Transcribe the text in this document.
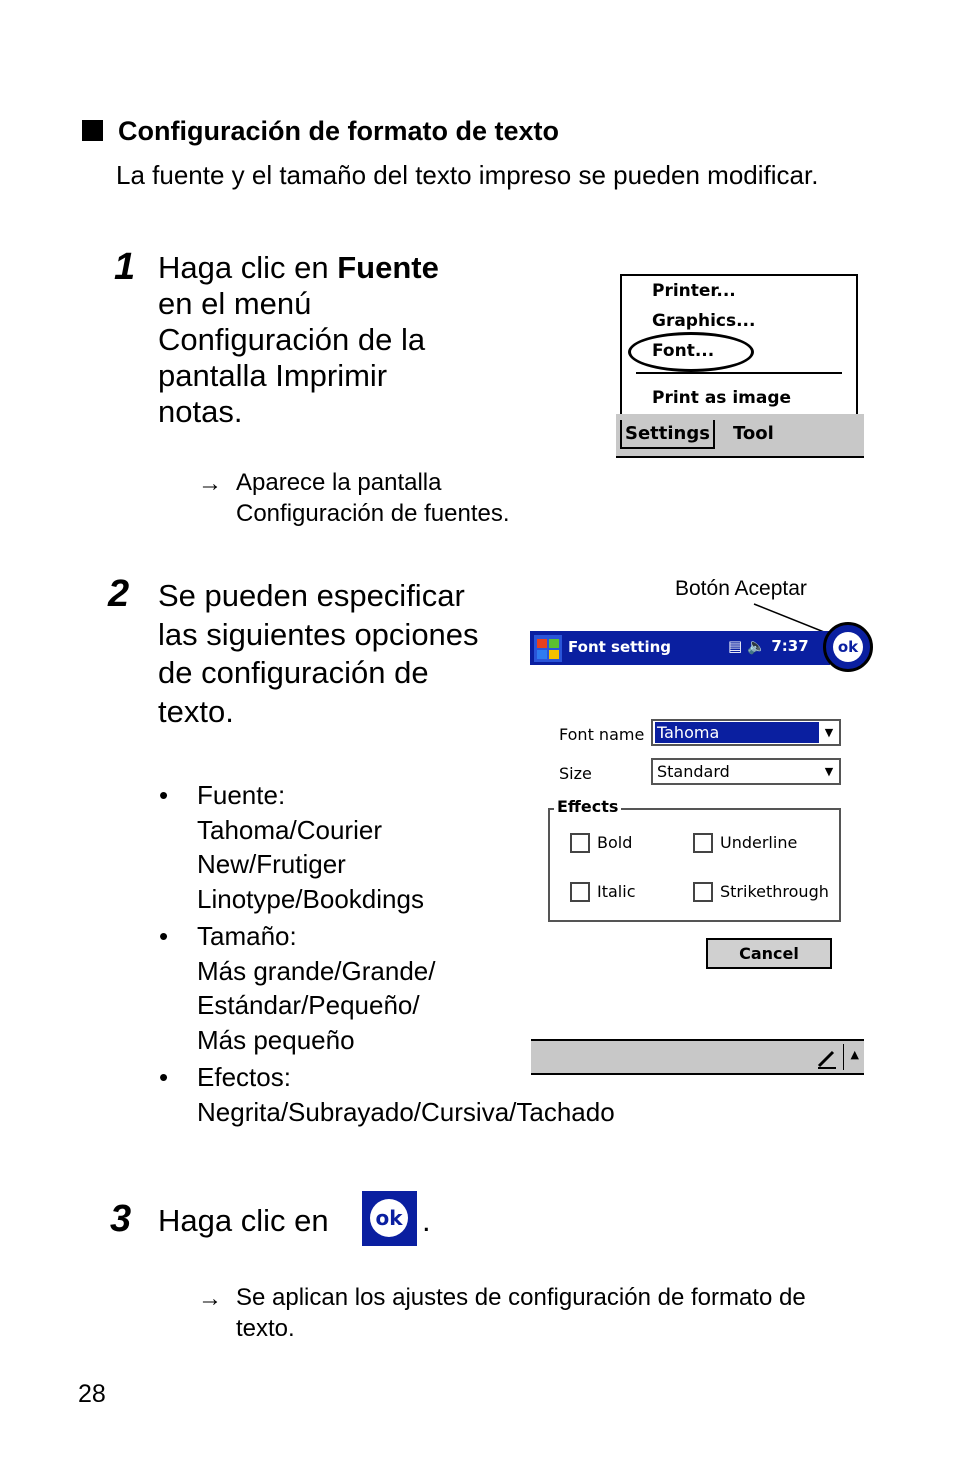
Configuración de formato de texto
La fuente y el tamaño del texto impreso se pueden modificar.
1 Haga clic en Fuente en el menú Configuración de la pantalla Imprimir notas.
Printer...
Graphics...
Font...
Print as image
Settings Tool
→ Aparece la pantalla
Configuración de fuentes.
2 Se pueden especificar las siguientes opciones de configuración de texto.
• Fuente:
Tahoma/Courier
New/Frutiger
Linotype/Bookdings
• Tamaño:
Más grande/Grande/
Estándar/Pequeño/
Más pequeño
• Efectos:
Negrita/Subrayado/Cursiva/Tachado
Botón Aceptar
Font setting	▤ 🔈 7:37	ok
Font name Tahoma	▼
Size	Standard	▼
Effects
Bold	Underline
Italic	Strikethrough
Cancel
▲
3 Haga clic en ok .
→ Se aplican los ajustes de configuración de formato de texto.
28
